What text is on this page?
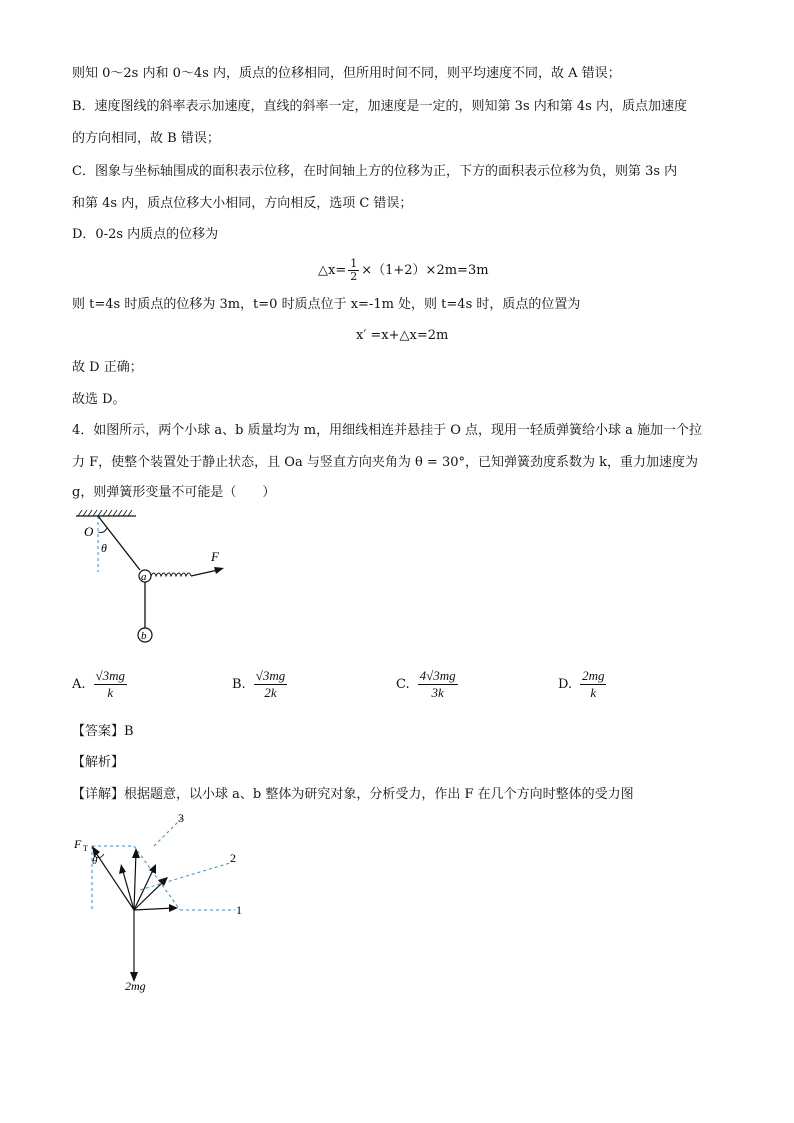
则知 0～2s 内和 0～4s 内，质点的位移相同，但所用时间不同，则平均速度不同，故 A 错误；
B．速度图线的斜率表示加速度，直线的斜率一定，加速度是一定的，则知第 3s 内和第 4s 内，质点加速度
的方向相同，故 B 错误；
C．图象与坐标轴围成的面积表示位移，在时间轴上方的位移为正，下方的面积表示位移为负，则第 3s 内
和第 4s 内，质点位移大小相同，方向相反，选项 C 错误；
D．0-2s 内质点的位移为
△x= $\frac{1}{2} \times(1+2)\times 2m=3m$
则 t=4s 时质点的位移为 3m，t=0 时质点位于 x=-1m 处，则 t=4s 时，质点的位置为
x′ =x+△x=2m
故 D 正确；
故选 D。
4．如图所示，两个小球 a、b 质量均为 m，用细线相连并悬挂于 O 点，现用一轻质弹簧给小球 a 施加一个拉
力 F，使整个装置处于静止状态，且 Oa 与竖直方向夹角为 θ = 30°，已知弹簧劲度系数为 k，重力加速度为
g，则弹簧形变量不可能是（　　）
O
θ
F
a
b
A. $\frac{√3mg}{k}$	B. $\frac{√3mg}{2k}$	C. $\frac{4√3mg}{3k}$	D. $\frac{2mg}{k}$
【答案】B
【解析】
【详解】根据题意，以小球 a、b 整体为研究对象，分析受力，作出 F 在几个方向时整体的受力图
F T
θ
1
2
3
2mg
